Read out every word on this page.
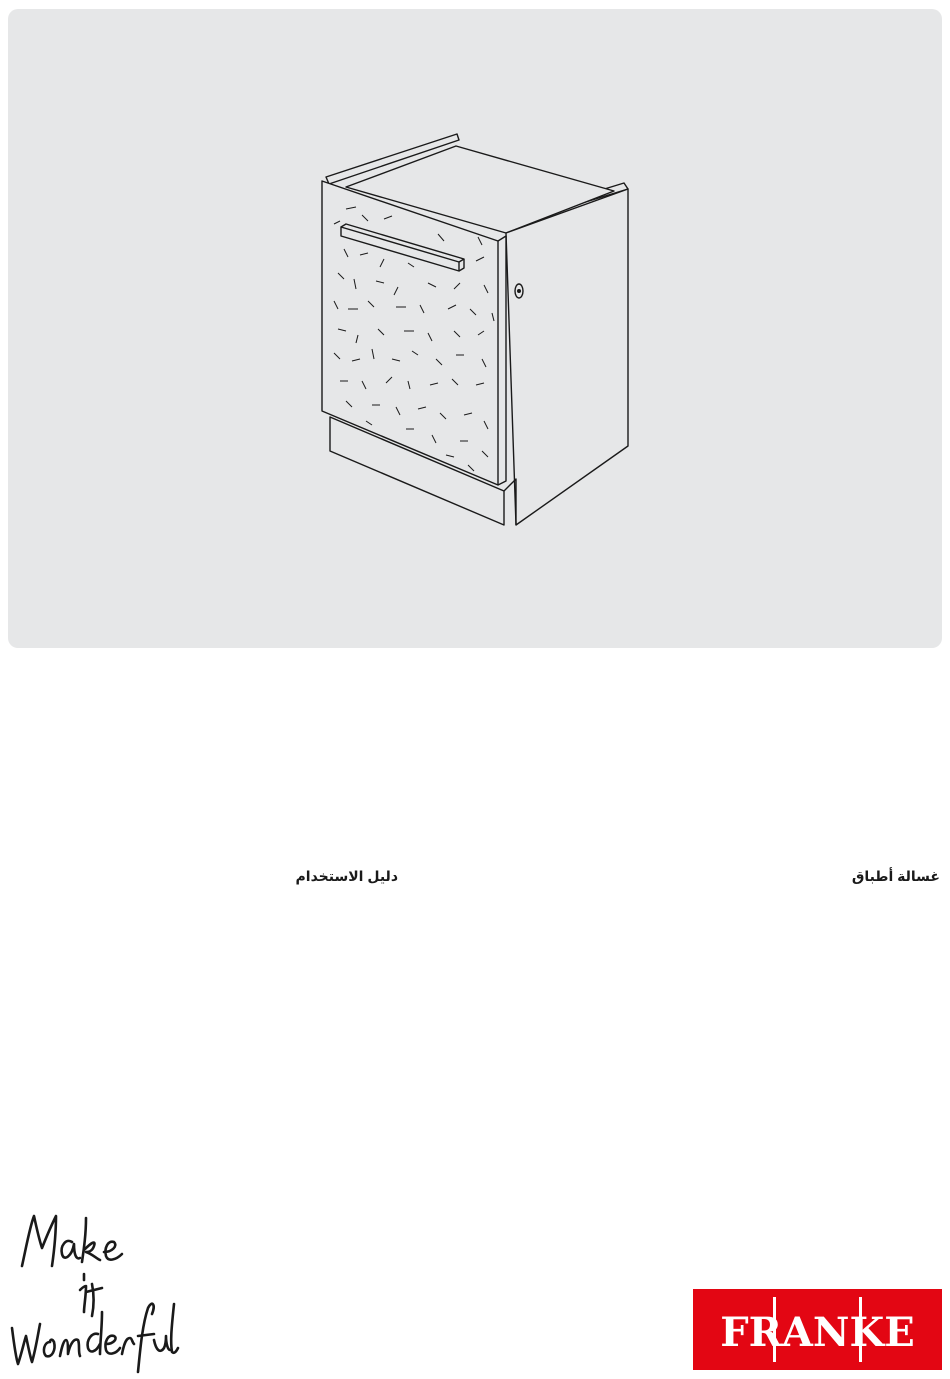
دليل الاستخدام	غسالة أطباق
FRANKE
